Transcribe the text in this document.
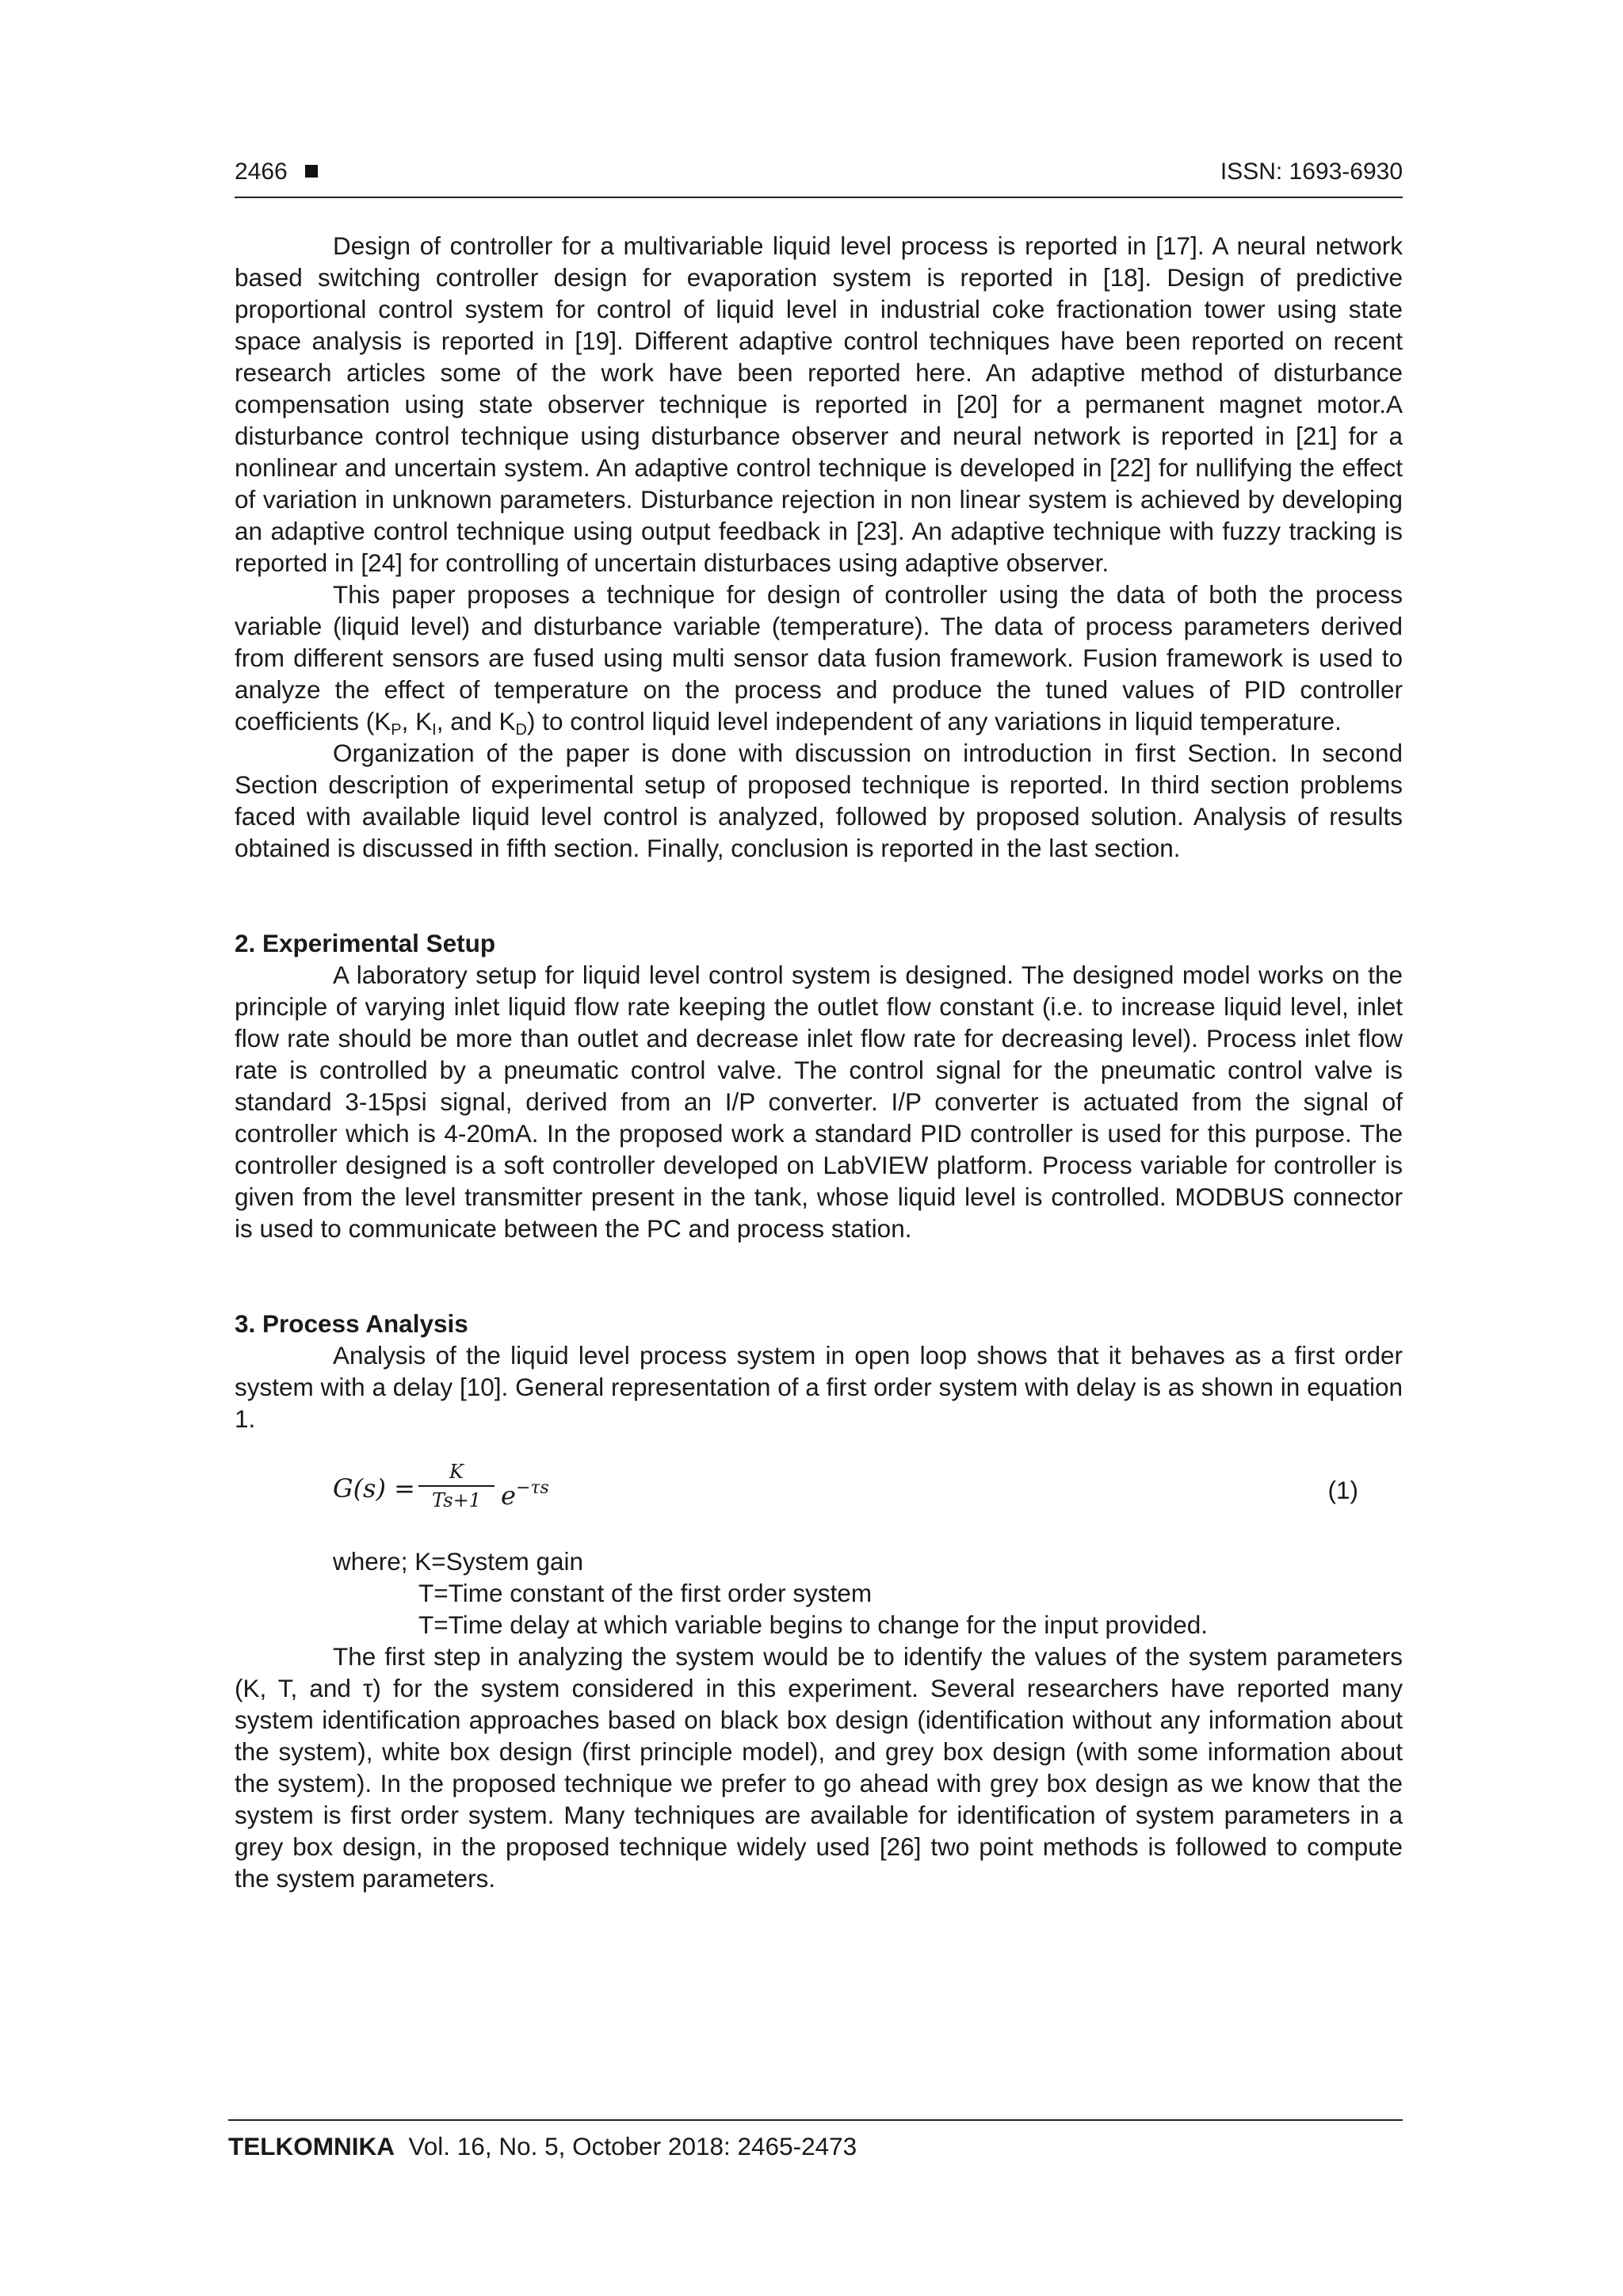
2466	ISSN: 1693-6930

Design of controller for a multivariable liquid level process is reported in [17]. A neural network based switching controller design for evaporation system is reported in [18]. Design of predictive proportional control system for control of liquid level in industrial coke fractionation tower using state space analysis is reported in [19]. Different adaptive control techniques have been reported on recent research articles some of the work have been reported here. An adaptive method of disturbance compensation using state observer technique is reported in [20] for a permanent magnet motor.A disturbance control technique using disturbance observer and neural network is reported in [21] for a nonlinear and uncertain system. An adaptive control technique is developed in [22] for nullifying the effect of variation in unknown parameters. Disturbance rejection in non linear system is achieved by developing an adaptive control technique using output feedback in [23]. An adaptive technique with fuzzy tracking is reported in [24] for controlling of uncertain disturbaces using adaptive observer.

This paper proposes a technique for design of controller using the data of both the process variable (liquid level) and disturbance variable (temperature). The data of process parameters derived from different sensors are fused using multi sensor data fusion framework. Fusion framework is used to analyze the effect of temperature on the process and produce the tuned values of PID controller coefficients ($K_P$, $K_I$, and $K_D$) to control liquid level independent of any variations in liquid temperature.

Organization of the paper is done with discussion on introduction in first Section. In second Section description of experimental setup of proposed technique is reported. In third section problems faced with available liquid level control is analyzed, followed by proposed solution. Analysis of results obtained is discussed in fifth section. Finally, conclusion is reported in the last section.

2. Experimental Setup

A laboratory setup for liquid level control system is designed. The designed model works on the principle of varying inlet liquid flow rate keeping the outlet flow constant (i.e. to increase liquid level, inlet flow rate should be more than outlet and decrease inlet flow rate for decreasing level). Process inlet flow rate is controlled by a pneumatic control valve. The control signal for the pneumatic control valve is standard 3-15psi signal, derived from an I/P converter. I/P converter is actuated from the signal of controller which is 4-20mA. In the proposed work a standard PID controller is used for this purpose. The controller designed is a soft controller developed on LabVIEW platform. Process variable for controller is given from the level transmitter present in the tank, whose liquid level is controlled. MODBUS connector is used to communicate between the PC and process station.

3. Process Analysis

Analysis of the liquid level process system in open loop shows that it behaves as a first order system with a delay [10]. General representation of a first order system with delay is as shown in equation 1.

$G(s) = \frac{K}{Ts+1} e^{-\tau s}$	(1)

where; K=System gain

T=Time constant of the first order system

T=Time delay at which variable begins to change for the input provided.

The first step in analyzing the system would be to identify the values of the system parameters (K, T, and τ) for the system considered in this experiment. Several researchers have reported many system identification approaches based on black box design (identification without any information about the system), white box design (first principle model), and grey box design (with some information about the system). In the proposed technique we prefer to go ahead with grey box design as we know that the system is first order system. Many techniques are available for identification of system parameters in a grey box design, in the proposed technique widely used [26] two point methods is followed to compute the system parameters.

TELKOMNIKA Vol. 16, No. 5, October 2018: 2465-2473
